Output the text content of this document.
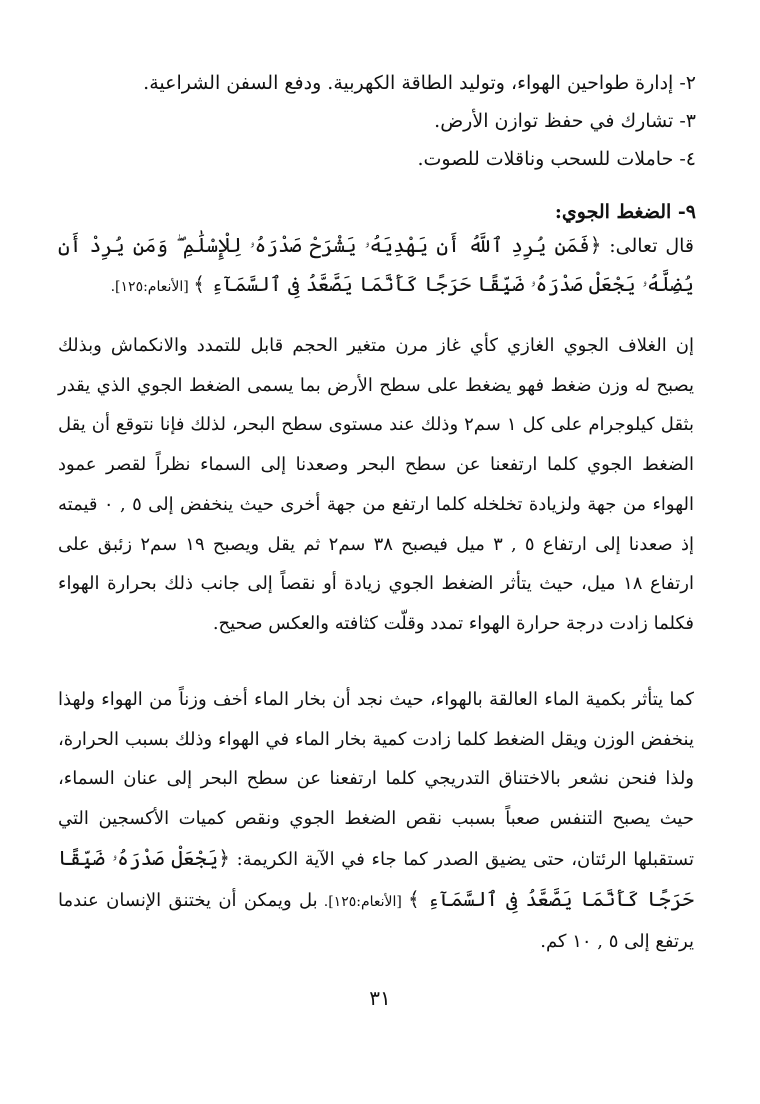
٢- إدارة طواحين الهواء، وتوليد الطاقة الكهربية. ودفع السفن الشراعية.
٣- تشارك في حفظ توازن الأرض.
٤- حاملات للسحب وناقلات للصوت.
٩- الضغط الجوي:
قال تعالى: ﴿فَمَن يُرِدِ ٱللَّهُ أَن يَهْدِيَهُۥ يَشْرَحْ صَدْرَهُۥ لِلْإِسْلَٰمِ ۖ وَمَن يُرِدْ أَن يُضِلَّهُۥ يَجْعَلْ صَدْرَهُۥ ضَيِّقًا حَرَجًا كَأَنَّمَا يَصَّعَّدُ فِى ٱلسَّمَآءِ ﴾ [الأنعام:١٢٥].

إن الغلاف الجوي الغازي كأي غاز مرن متغير الحجم قابل للتمدد والانكماش وبذلك يصبح له وزن ضغط فهو يضغط على سطح الأرض بما يسمى الضغط الجوي الذي يقدر بثقل كيلوجرام على كل ١ سم٢ وذلك عند مستوى سطح البحر، لذلك فإنا نتوقع أن يقل الضغط الجوي كلما ارتفعنا عن سطح البحر وصعدنا إلى السماء نظراً لقصر عمود الهواء من جهة ولزيادة تخلخله كلما ارتفع من جهة أخرى حيث ينخفض إلى ٥ , ٠ قيمته إذ صعدنا إلى ارتفاع ٥ , ٣ ميل فيصبح ٣٨ سم٢ ثم يقل ويصبح ١٩ سم٢ زئبق على ارتفاع ١٨ ميل، حيث يتأثر الضغط الجوي زيادة أو نقصاً إلى جانب ذلك بحرارة الهواء فكلما زادت درجة حرارة الهواء تمدد وقلّت كثافته والعكس صحيح.

كما يتأثر بكمية الماء العالقة بالهواء، حيث نجد أن بخار الماء أخف وزناً من الهواء ولهذا ينخفض الوزن ويقل الضغط كلما زادت كمية بخار الماء في الهواء وذلك بسبب الحرارة، ولذا فنحن نشعر بالاختناق التدريجي كلما ارتفعنا عن سطح البحر إلى عنان السماء، حيث يصبح التنفس صعباً بسبب نقص الضغط الجوي ونقص كميات الأكسجين التي تستقبلها الرئتان، حتى يضيق الصدر كما جاء في الآية الكريمة: ﴿يَجْعَلْ صَدْرَهُۥ ضَيِّقًا حَرَجًا كَأَنَّمَا يَصَّعَّدُ فِى ٱلسَّمَآءِ ﴾ [الأنعام:١٢٥]. بل ويمكن أن يختنق الإنسان عندما يرتفع إلى ٥ , ١٠ كم.

٣١
